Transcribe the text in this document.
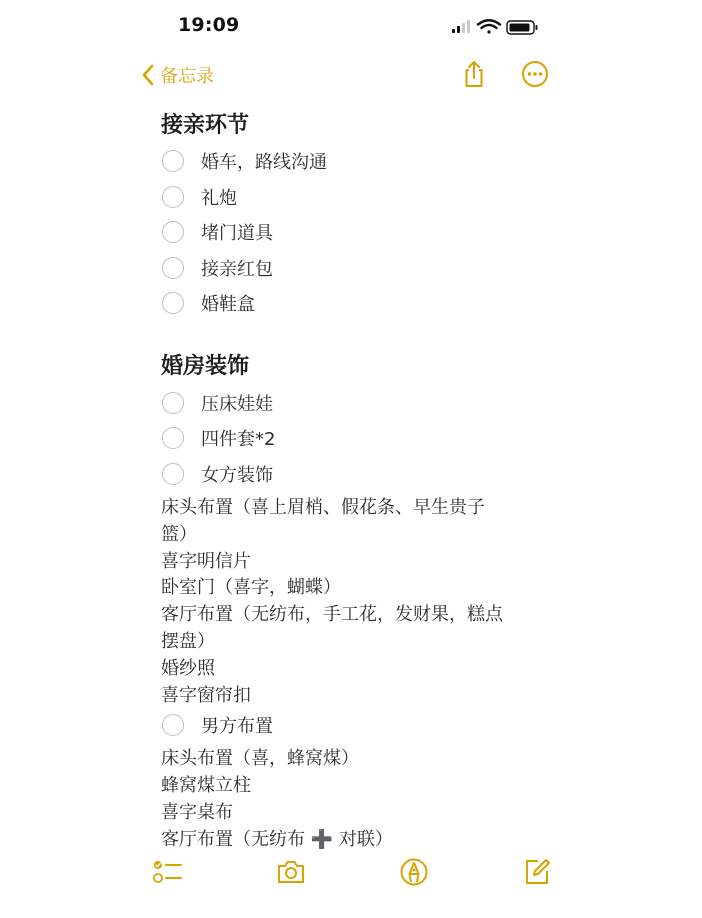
19:09
备忘录
接亲环节
婚车，路线沟通
礼炮
堵门道具
接亲红包
婚鞋盒
婚房装饰
压床娃娃
四件套*2
女方装饰
床头布置（喜上眉梢、假花条、早生贵子
篮）
喜字明信片
卧室门（喜字，蝴蝶）
客厅布置（无纺布，手工花，发财果，糕点
摆盘）
婚纱照
喜字窗帘扣
男方布置
床头布置（喜，蜂窝煤）
蜂窝煤立柱
喜字桌布
客厅布置（无纺布 ➕ 对联）
